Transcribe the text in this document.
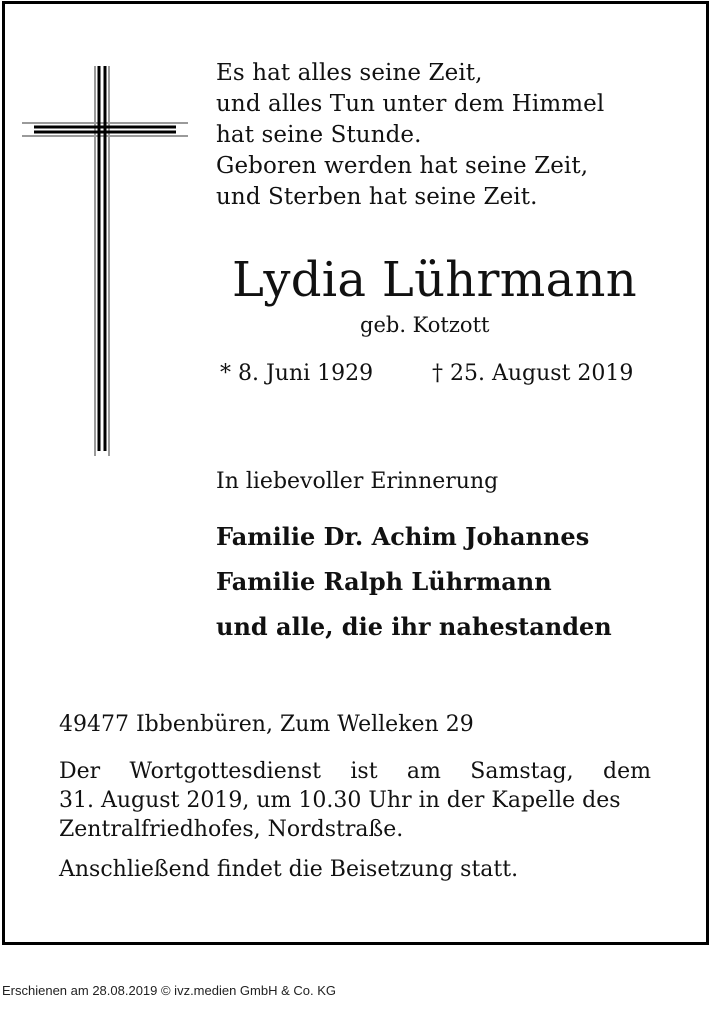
Es hat alles seine Zeit,
und alles Tun unter dem Himmel
hat seine Stunde.
Geboren werden hat seine Zeit,
und Sterben hat seine Zeit.
Lydia Lührmann
geb. Kotzott
* 8. Juni 1929	† 25. August 2019
In liebevoller Erinnerung
Familie Dr. Achim Johannes
Familie Ralph Lührmann
und alle, die ihr nahestanden
49477 Ibbenbüren, Zum Welleken 29
Der Wortgottesdienst ist am Samstag, dem
31. August 2019, um 10.30 Uhr in der Kapelle des
Zentralfriedhofes, Nordstraße.
Anschließend findet die Beisetzung statt.
Erschienen am 28.08.2019 © ivz.medien GmbH & Co. KG
